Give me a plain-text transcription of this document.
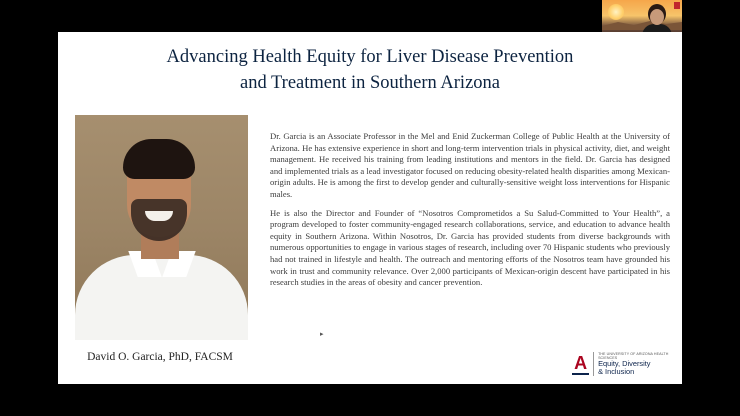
Advancing Health Equity for Liver Disease Prevention
and Treatment in Southern Arizona
David O. Garcia, PhD, FACSM

Dr. Garcia is an Associate Professor in the Mel and Enid Zuckerman College of Public Health at the University of Arizona. He has extensive experience in short and long-term intervention trials in physical activity, diet, and weight management. He received his training from leading institutions and mentors in the field. Dr. Garcia has designed and implemented trials as a lead investigator focused on reducing obesity-related health disparities among Mexican-origin adults. He is among the first to develop gender and culturally-sensitive weight loss interventions for Hispanic males.

He is also the Director and Founder of “Nosotros Comprometidos a Su Salud-Committed to Your Health”, a program developed to foster community-engaged research collaborations, service, and education to advance health equity in Southern Arizona. Within Nosotros, Dr. Garcia has provided students from diverse backgrounds with numerous opportunities to engage in various stages of research, including over 70 Hispanic students who previously had not trained in lifestyle and health. The outreach and mentoring efforts of the Nosotros team have grounded his work in trust and community relevance. Over 2,000 participants of Mexican-origin descent have participated in his research studies in the areas of obesity and cancer prevention.

▸
A	THE UNIVERSITY OF ARIZONA HEALTH SCIENCES
Equity, Diversity
& Inclusion
